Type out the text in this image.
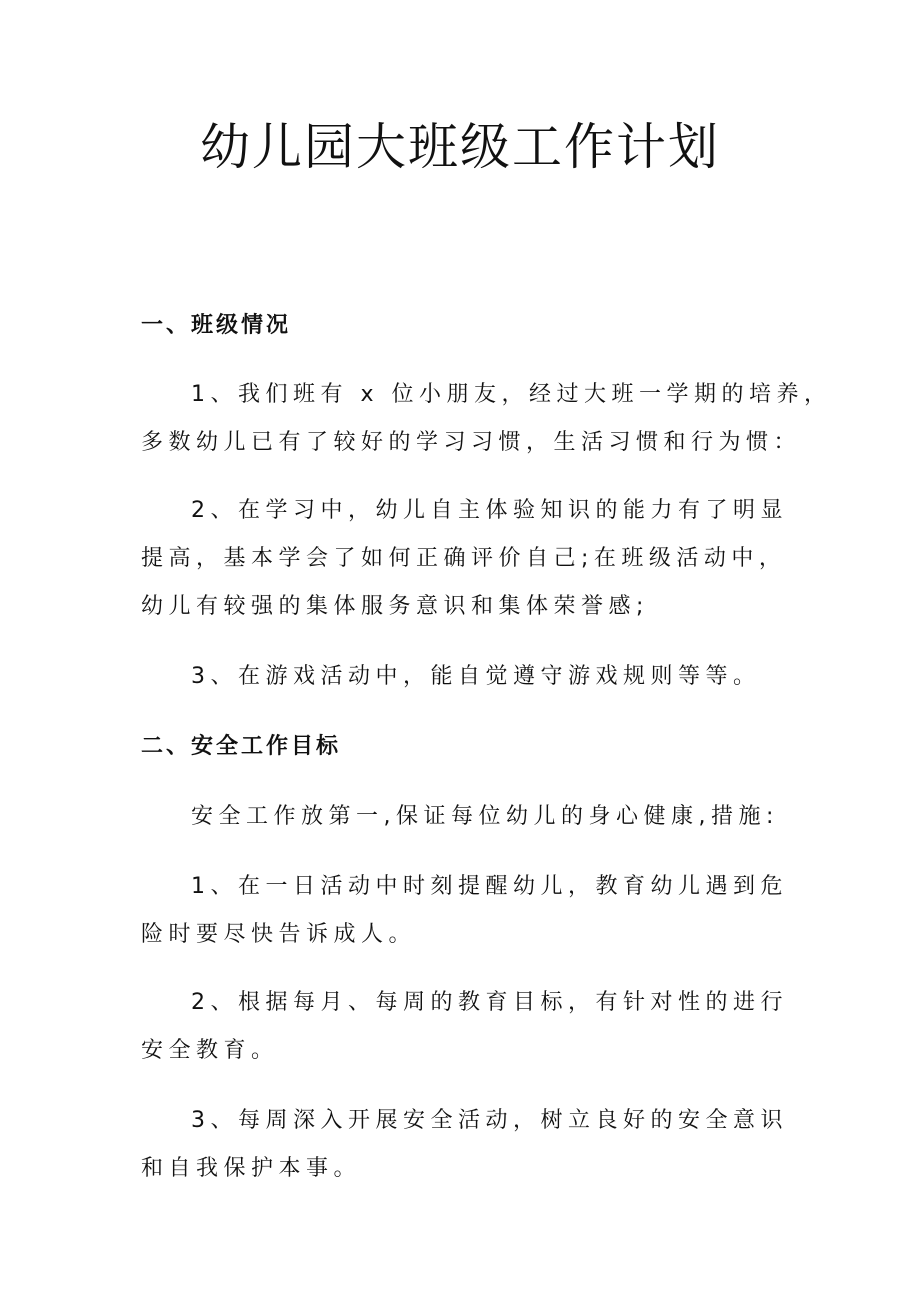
幼儿园大班级工作计划
一、班级情况

1、我们班有 x 位小朋友，经过大班一学期的培养，

多数幼儿已有了较好的学习习惯，生活习惯和行为惯：

2、在学习中，幼儿自主体验知识的能力有了明显

提高，基本学会了如何正确评价自己;在班级活动中，

幼儿有较强的集体服务意识和集体荣誉感;

3、在游戏活动中，能自觉遵守游戏规则等等。

二、安全工作目标

安全工作放第一,保证每位幼儿的身心健康,措施:

1、在一日活动中时刻提醒幼儿，教育幼儿遇到危

险时要尽快告诉成人。

2、根据每月、每周的教育目标，有针对性的进行

安全教育。

3、每周深入开展安全活动，树立良好的安全意识

和自我保护本事。
